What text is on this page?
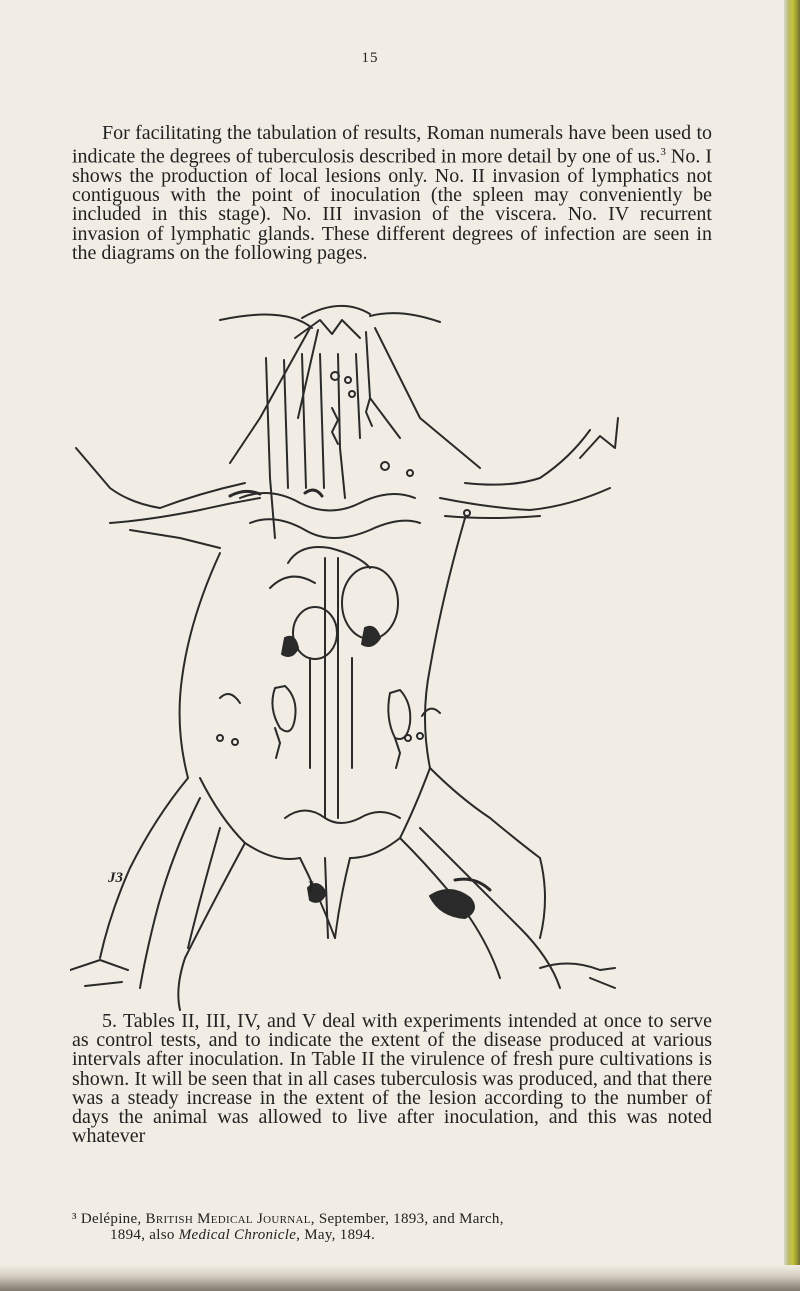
15

For facilitating the tabulation of results, Roman numerals have been used to indicate the degrees of tuberculosis described in more detail by one of us.$^3$ No. I shows the production of local lesions only. No. II invasion of lymphatics not contiguous with the point of inoculation (the spleen may conveniently be included in this stage). No. III invasion of the viscera. No. IV recurrent invasion of lymphatic glands. These different degrees of infection are seen in the diagrams on the following pages.

J3
I

5. Tables II, III, IV, and V deal with experiments intended at once to serve as control tests, and to indicate the extent of the disease produced at various intervals after inoculation. In Table II the virulence of fresh pure cultivations is shown. It will be seen that in all cases tuberculosis was produced, and that there was a steady increase in the extent of the lesion according to the number of days the animal was allowed to live after inoculation, and this was noted whatever

³ Delépine, British Medical Journal, September, 1893, and March,
1894, also Medical Chronicle, May, 1894.
